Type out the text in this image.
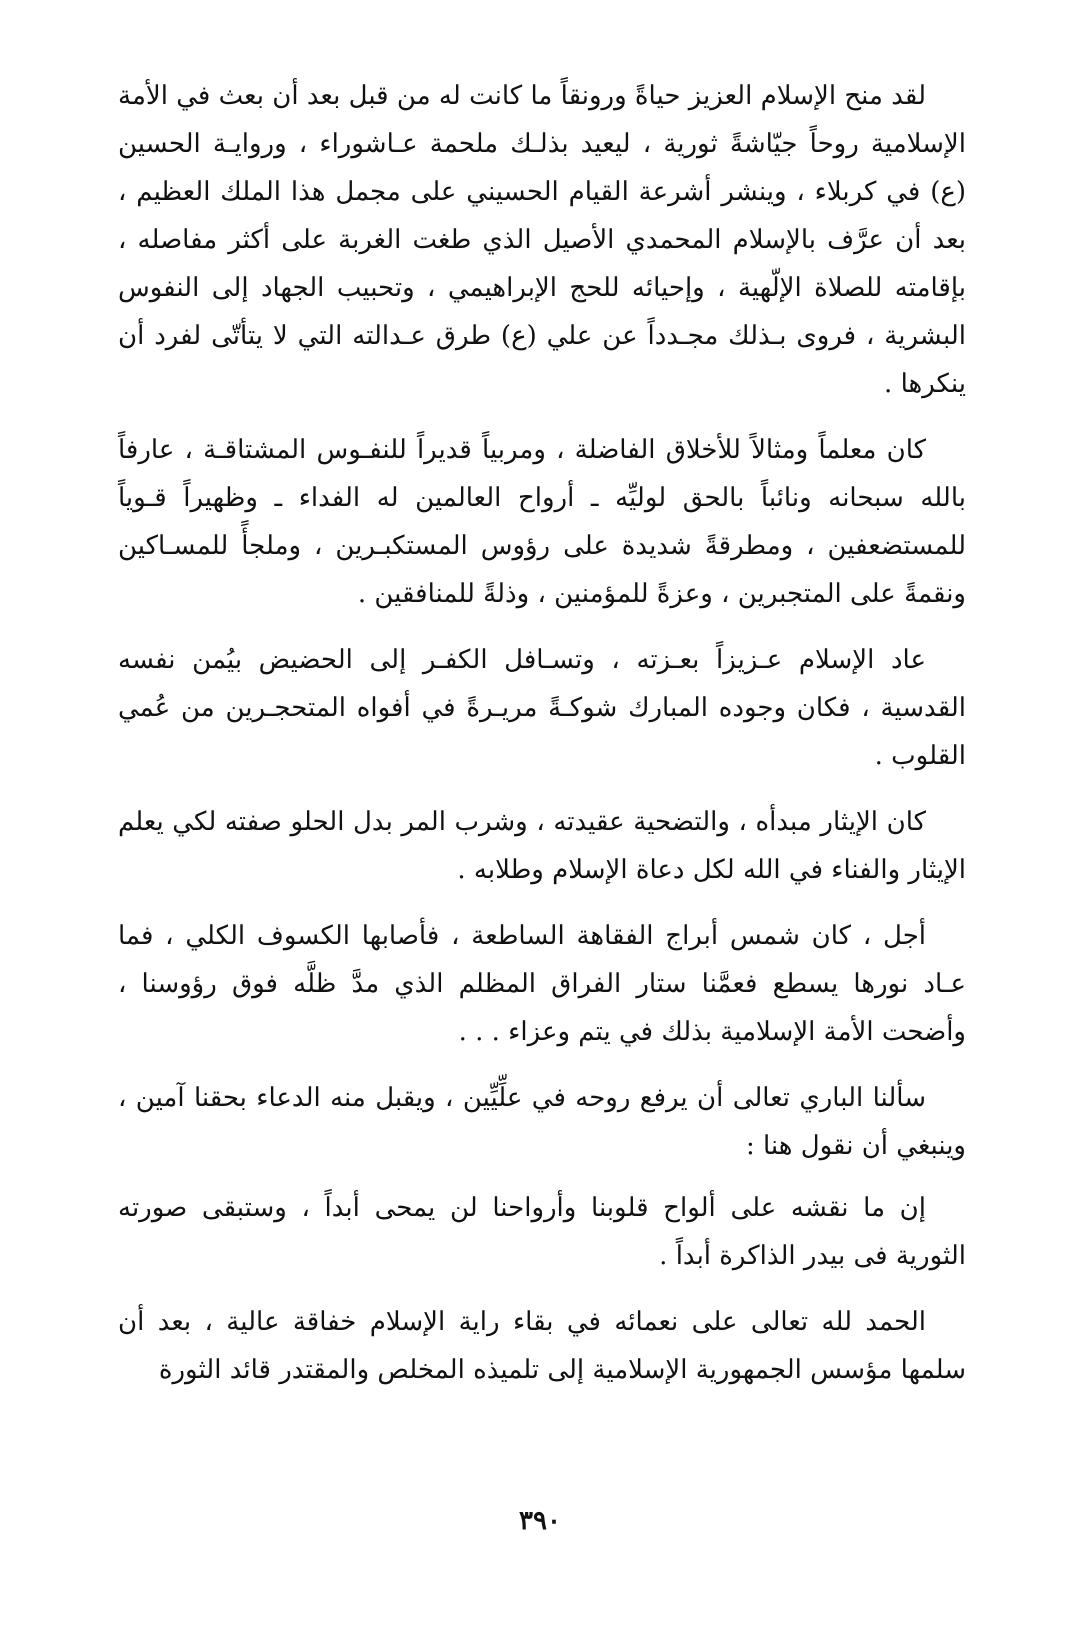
لقد منح الإسلام العزيز حياةً ورونقاً ما كانت له من قبل بعد أن بعث في الأمة الإسلامية روحاً جيّاشةً ثورية ، ليعيد بذلـك ملحمة عـاشوراء ، وروايـة الحسين (ع) في كربلاء ، وينشر أشرعة القيام الحسيني على مجمل هذا الملك العظيم ، بعد أن عرَّف بالإسلام المحمدي الأصيل الذي طغت الغربة على أكثر مفاصله ، بإقامته للصلاة الإلّهية ، وإحيائه للحج الإبراهيمي ، وتحبيب الجهاد إلى النفوس البشرية ، فروى بـذلك مجـدداً عن علي (ع) طرق عـدالته التي لا يتأتّى لفرد أن ينكرها .

كان معلماً ومثالاً للأخلاق الفاضلة ، ومربياً قديراً للنفـوس المشتاقـة ، عارفاً بالله سبحانه ونائباً بالحق لوليِّه ـ أرواح العالمين له الفداء ـ وظهيراً قـوياً للمستضعفين ، ومطرقةً شديدة على رؤوس المستكبـرين ، وملجأً للمسـاكين ونقمةً على المتجبرين ، وعزةً للمؤمنين ، وذلةً للمنافقين .

عاد الإسلام عـزيزاً بعـزته ، وتسـافل الكفـر إلى الحضيض بيُمن نفسه القدسية ، فكان وجوده المبارك شوكـةً مريـرةً في أفواه المتحجـرين من عُمي القلوب .

كان الإيثار مبدأه ، والتضحية عقيدته ، وشرب المر بدل الحلو صفته لكي يعلم الإيثار والفناء في الله لكل دعاة الإسلام وطلابه .

أجل ، كان شمس أبراج الفقاهة الساطعة ، فأصابها الكسوف الكلي ، فما عـاد نورها يسطع فعمَّنا ستار الفراق المظلم الذي مدَّ ظلَّه فوق رؤوسنا ، وأضحت الأمة الإسلامية بذلك في يتم وعزاء . . .

سألنا الباري تعالى أن يرفع روحه في علِّيِّين ، ويقبل منه الدعاء بحقنا آمين ، وينبغي أن نقول هنا :

إن ما نقشه على ألواح قلوبنا وأرواحنا لن يمحى أبداً ، وستبقى صورته الثورية فى بيدر الذاكرة أبداً .

الحمد لله تعالى على نعمائه في بقاء راية الإسلام خفاقة عالية ، بعد أن سلمها مؤسس الجمهورية الإسلامية إلى تلميذه المخلص والمقتدر قائد الثورة

٣٩٠
